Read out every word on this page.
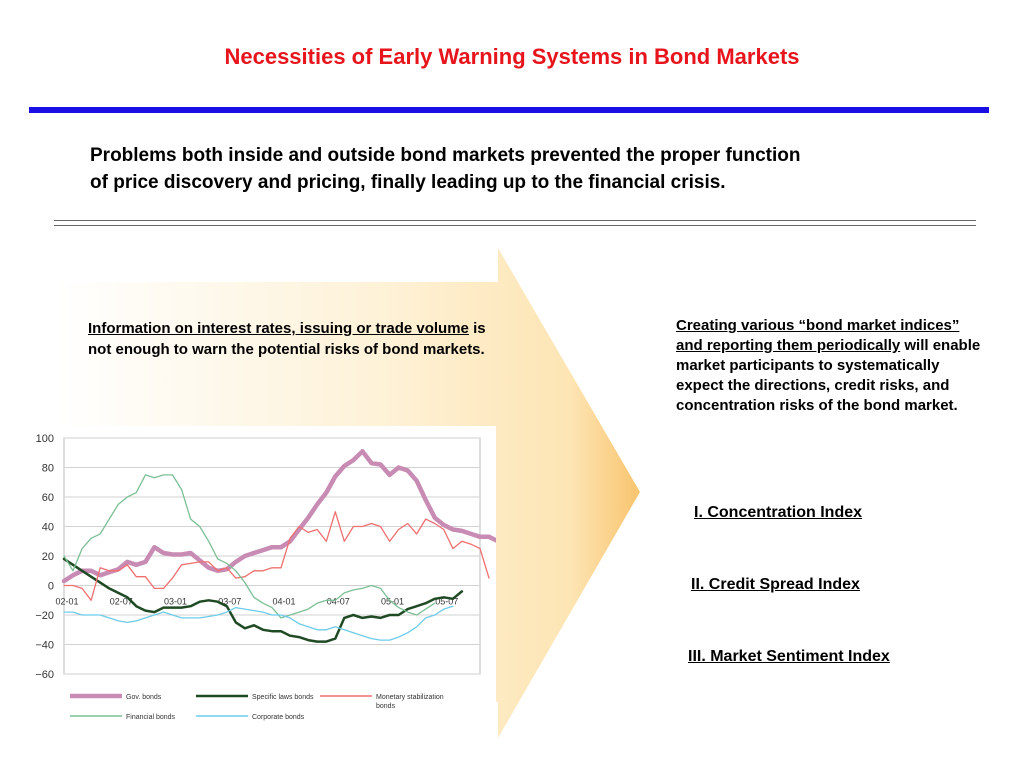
Necessities of Early Warning Systems in Bond Markets
Problems both inside and outside bond markets prevented the proper function
of price discovery and pricing, finally leading up to the financial crisis.
Information on interest rates, issuing or trade volume is not enough to warn the potential risks of bond markets.
100
80
60
40
20
0
−20
−40
−60
02-01	02-07	03-01	03-07	04-01	04-07	05-01	05-07
Gov. bonds	Specific laws bonds	Monetary stabilization
bonds
Financial bonds	Corporate bonds
Creating various “bond market indices” and reporting them periodically will enable market participants to systematically expect the directions, credit risks, and concentration risks of the bond market.
I. Concentration Index
II. Credit Spread Index
III. Market Sentiment Index
